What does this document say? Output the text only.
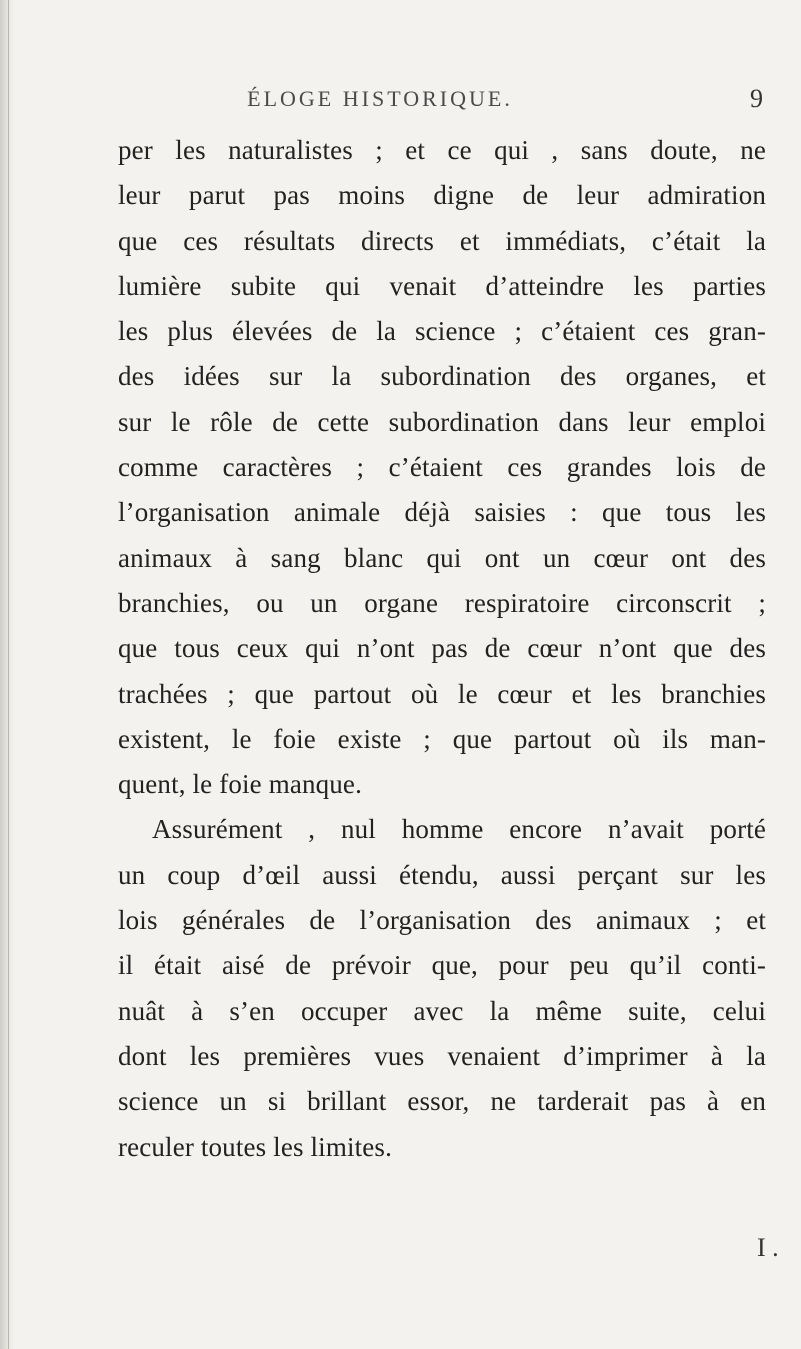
ÉLOGE HISTORIQUE.	9
per les naturalistes ; et ce qui , sans doute, ne
leur parut pas moins digne de leur admiration
que ces résultats directs et immédiats, c’était la
lumière subite qui venait d’atteindre les parties
les plus élevées de la science ; c’étaient ces gran-
des idées sur la subordination des organes, et
sur le rôle de cette subordination dans leur emploi
comme caractères ; c’étaient ces grandes lois de
l’organisation animale déjà saisies : que tous les
animaux à sang blanc qui ont un cœur ont des
branchies, ou un organe respiratoire circonscrit ;
que tous ceux qui n’ont pas de cœur n’ont que des
trachées ; que partout où le cœur et les branchies
existent, le foie existe ; que partout où ils man-
quent, le foie manque.
Assurément , nul homme encore n’avait porté
un coup d’œil aussi étendu, aussi perçant sur les
lois générales de l’organisation des animaux ; et
il était aisé de prévoir que, pour peu qu’il conti-
nuât à s’en occuper avec la même suite, celui
dont les premières vues venaient d’imprimer à la
science un si brillant essor, ne tarderait pas à en
reculer toutes les limites.
I .
